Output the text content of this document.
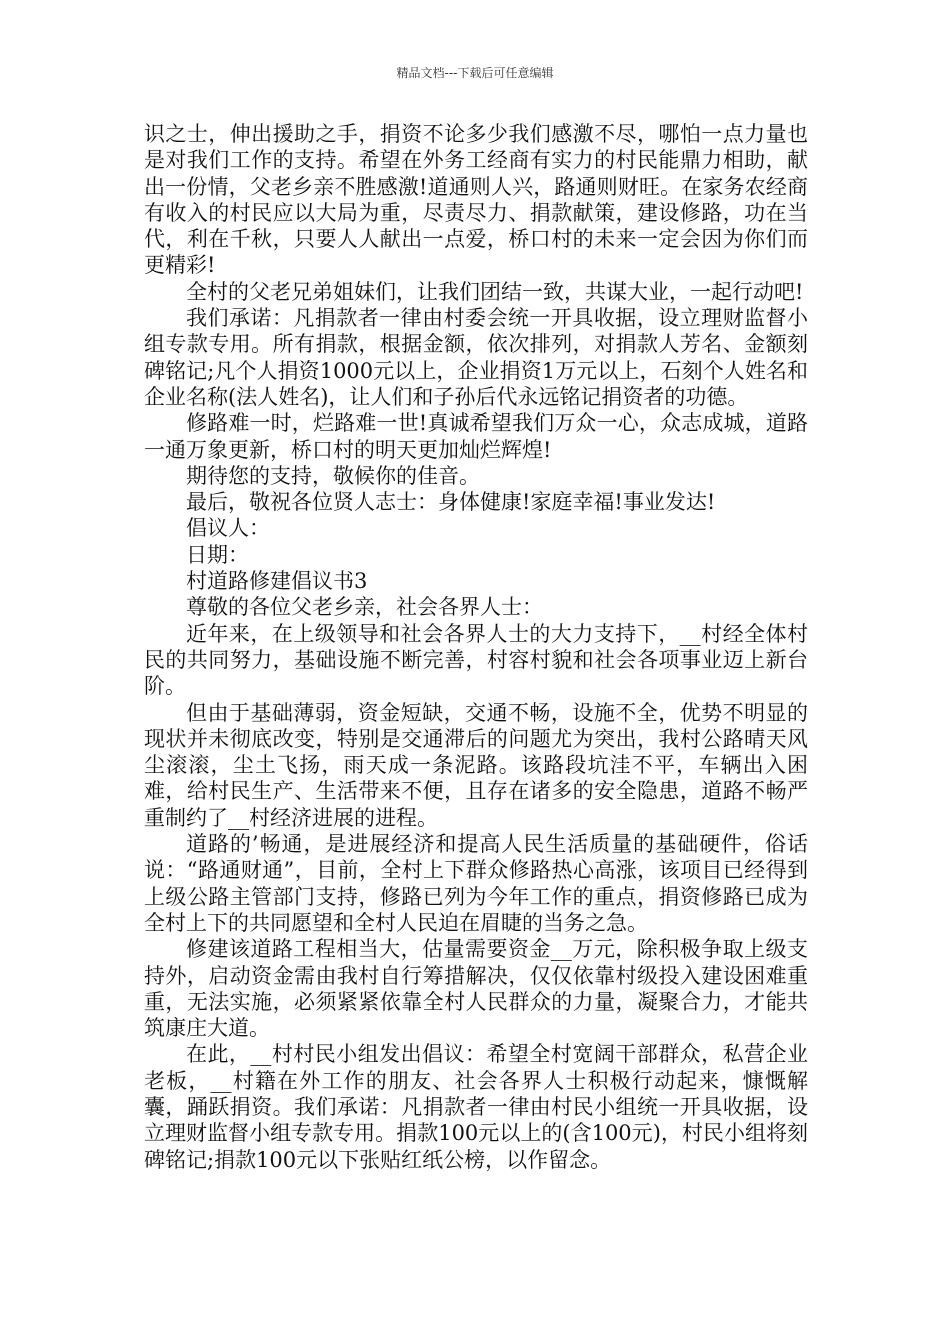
精品文档---下载后可任意编辑

识之士，伸出援助之手，捐资不论多少我们感激不尽，哪怕一点力量也是对我们工作的支持。希望在外务工经商有实力的村民能鼎力相助，献出一份情，父老乡亲不胜感激!道通则人兴，路通则财旺。在家务农经商有收入的村民应以大局为重，尽责尽力、捐款献策，建设修路，功在当代，利在千秋，只要人人献出一点爱，桥口村的未来一定会因为你们而更精彩!

全村的父老兄弟姐妹们，让我们团结一致，共谋大业，一起行动吧!

我们承诺：凡捐款者一律由村委会统一开具收据，设立理财监督小组专款专用。所有捐款，根据金额，依次排列，对捐款人芳名、金额刻碑铭记;凡个人捐资1000元以上，企业捐资1万元以上，石刻个人姓名和企业名称(法人姓名)，让人们和子孙后代永远铭记捐资者的功德。

修路难一时，烂路难一世!真诚希望我们万众一心，众志成城，道路一通万象更新，桥口村的明天更加灿烂辉煌!

期待您的支持，敬候你的佳音。

最后，敬祝各位贤人志士：身体健康!家庭幸福!事业发达!

倡议人：

日期：

村道路修建倡议书3

尊敬的各位父老乡亲，社会各界人士：

近年来，在上级领导和社会各界人士的大力支持下，__村经全体村民的共同努力，基础设施不断完善，村容村貌和社会各项事业迈上新台阶。

但由于基础薄弱，资金短缺，交通不畅，设施不全，优势不明显的现状并未彻底改变，特别是交通滞后的问题尤为突出，我村公路晴天风尘滚滚，尘土飞扬，雨天成一条泥路。该路段坑洼不平，车辆出入困难，给村民生产、生活带来不便，且存在诸多的安全隐患，道路不畅严重制约了__村经济进展的进程。

道路的’畅通，是进展经济和提高人民生活质量的基础硬件，俗话说：“路通财通”，目前，全村上下群众修路热心高涨，该项目已经得到上级公路主管部门支持，修路已列为今年工作的重点，捐资修路已成为全村上下的共同愿望和全村人民迫在眉睫的当务之急。

修建该道路工程相当大，估量需要资金__万元，除积极争取上级支持外，启动资金需由我村自行筹措解决，仅仅依靠村级投入建设困难重重，无法实施，必须紧紧依靠全村人民群众的力量，凝聚合力，才能共筑康庄大道。

在此，__村村民小组发出倡议：希望全村宽阔干部群众，私营企业老板，__村籍在外工作的朋友、社会各界人士积极行动起来，慷慨解囊，踊跃捐资。我们承诺：凡捐款者一律由村民小组统一开具收据，设立理财监督小组专款专用。捐款100元以上的(含100元)，村民小组将刻碑铭记;捐款100元以下张贴红纸公榜，以作留念。
